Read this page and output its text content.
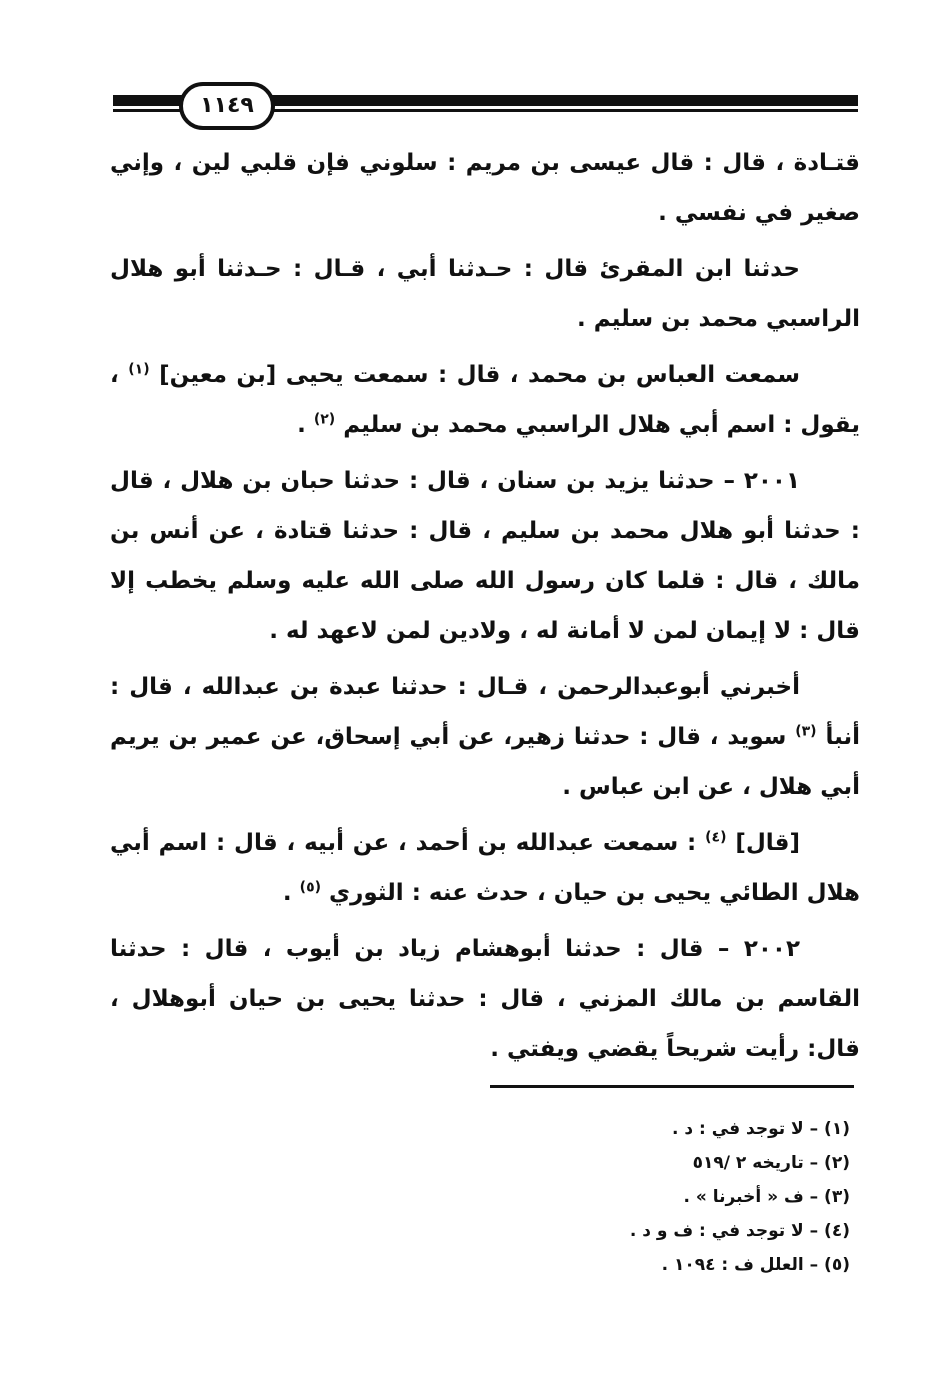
١١٤٩

قتـادة ، قال : قال عيسى بن مريم : سلوني فإن قلبي لين ، وإني صغير في نفسي .

حدثنا ابن المقرئ قال : حـدثنا أبي ، قـال : حـدثنا أبو هلال الراسبي محمد بن سليم .

سمعت العباس بن محمد ، قال : سمعت يحيى [بن معين] $^{(١)}$ ، يقول : اسم أبي هلال الراسبي محمد بن سليم $^{(٢)}$ .

٢٠٠١ – حدثنا يزيد بن سنان ، قال : حدثنا حبان بن هلال ، قال : حدثنا أبو هلال محمد بن سليم ، قال : حدثنا قتادة ، عن أنس بن مالك ، قال : قلما كان رسول الله صلى الله عليه وسلم يخطب إلا قال : لا إيمان لمن لا أمانة له ، ولادين لمن لاعهد له .

أخبرني أبوعبدالرحمن ، قـال : حدثنا عبدة بن عبدالله ، قال : أنبأ $^{(٣)}$ سويد ، قال : حدثنا زهير، عن أبي إسحاق، عن عمير بن يريم أبي هلال ، عن ابن عباس .

[قال] $^{(٤)}$ : سمعت عبدالله بن أحمد ، عن أبيه ، قال : اسم أبي هلال الطائي يحيى بن حيان ، حدث عنه : الثوري $^{(٥)}$ .

٢٠٠٢ – قال : حدثنا أبوهشام زياد بن أيوب ، قال : حدثنا القاسم بن مالك المزني ، قال : حدثنا يحيى بن حيان أبوهلال ، قال: رأيت شريحاً يقضي ويفتي .

(١) – لا توجد في : د .
(٢) – تاريخه ٢ /٥١٩
(٣) – ف « أخبرنا » .
(٤) – لا توجد في : ف و د .
(٥) – العلل ف : ١٠٩٤ .
